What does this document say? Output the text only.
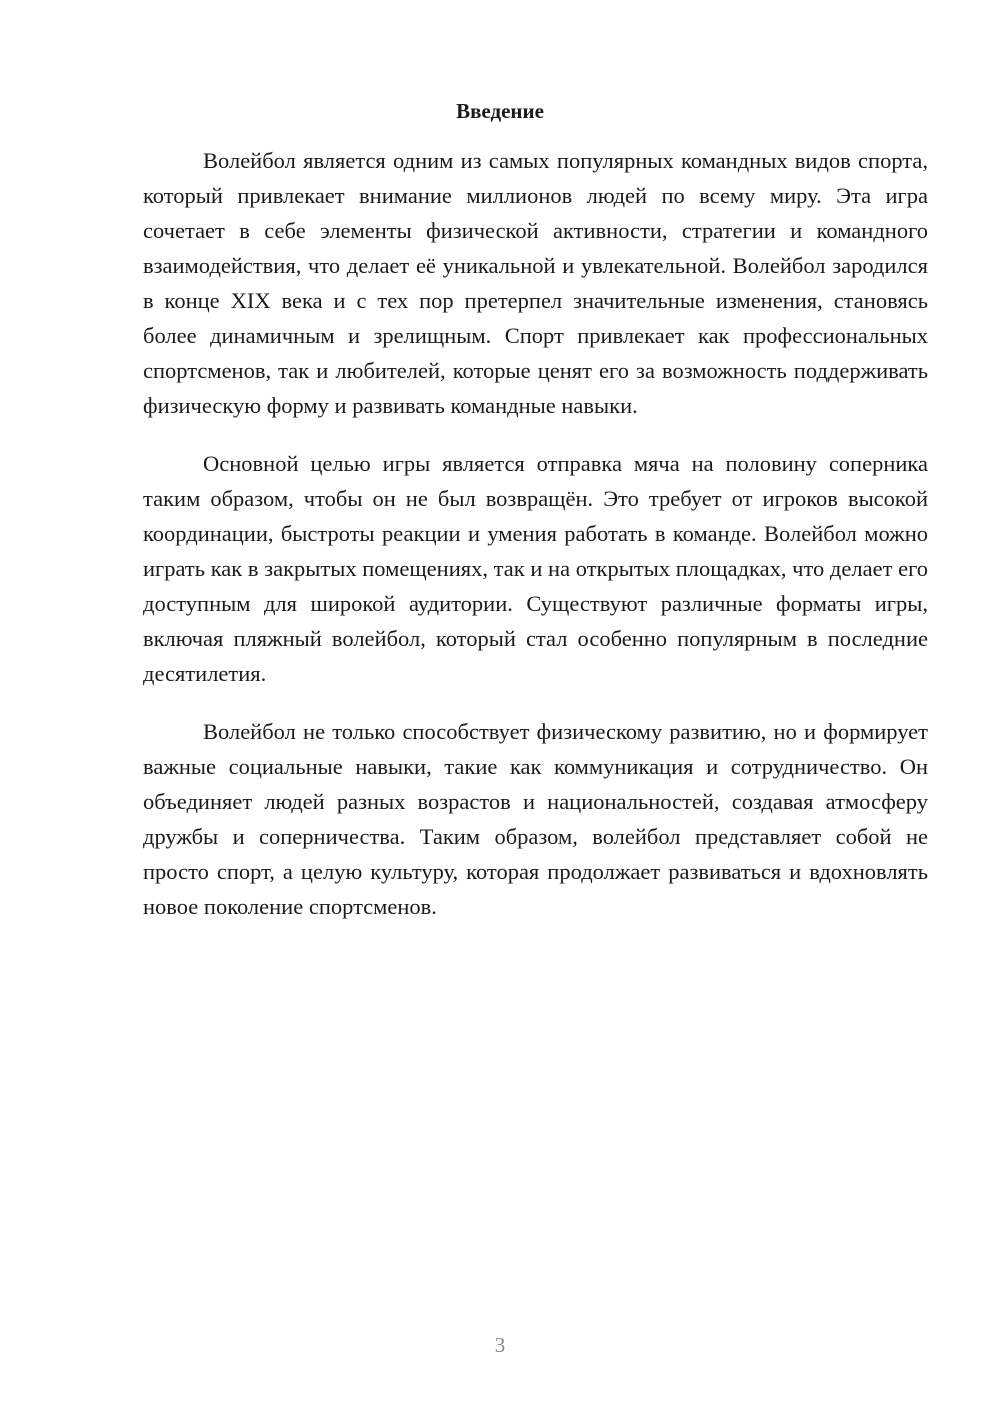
Введение

Волейбол является одним из самых популярных командных видов спорта, который привлекает внимание миллионов людей по всему миру. Эта игра сочетает в себе элементы физической активности, стратегии и командного взаимодействия, что делает её уникальной и увлекательной. Волейбол зародился в конце XIX века и с тех пор претерпел значительные изменения, становясь более динамичным и зрелищным. Спорт привлекает как профессиональных спортсменов, так и любителей, которые ценят его за возможность поддерживать физическую форму и развивать командные навыки.

Основной целью игры является отправка мяча на половину соперника таким образом, чтобы он не был возвращён. Это требует от игроков высокой координации, быстроты реакции и умения работать в команде. Волейбол можно играть как в закрытых помещениях, так и на открытых площадках, что делает его доступным для широкой аудитории. Существуют различные форматы игры, включая пляжный волейбол, который стал особенно популярным в последние десятилетия.

Волейбол не только способствует физическому развитию, но и формирует важные социальные навыки, такие как коммуникация и сотрудничество. Он объединяет людей разных возрастов и национальностей, создавая атмосферу дружбы и соперничества. Таким образом, волейбол представляет собой не просто спорт, а целую культуру, которая продолжает развиваться и вдохновлять новое поколение спортсменов.

3
